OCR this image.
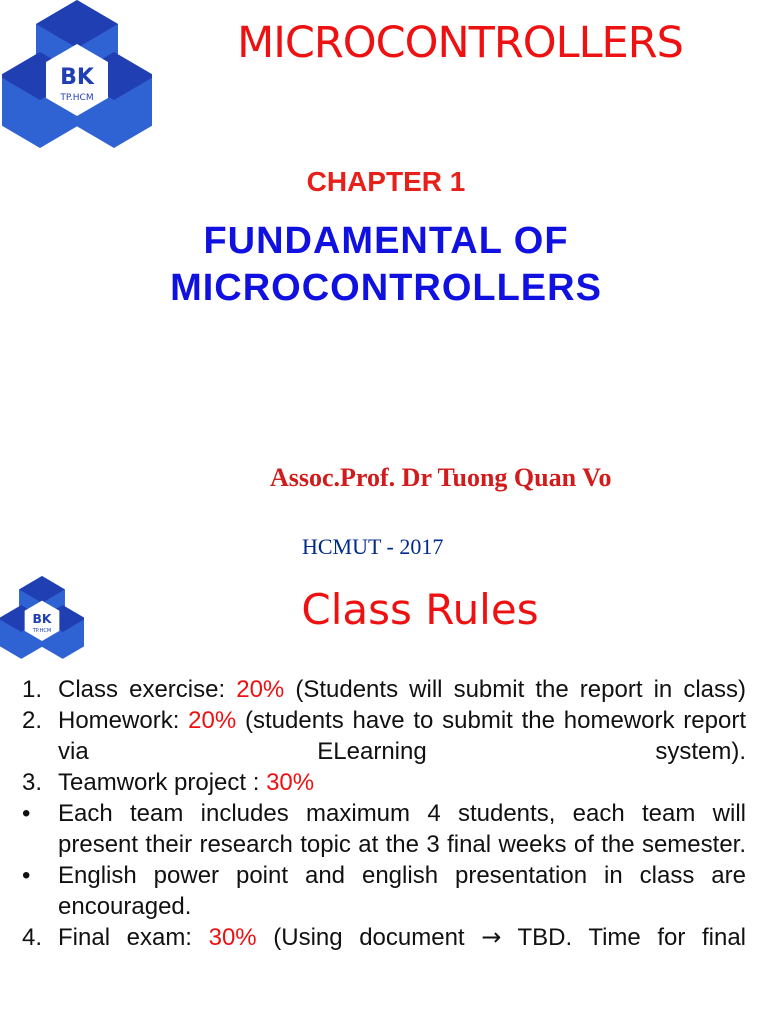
BK
TP.HCM
MICROCONTROLLERS
CHAPTER 1
FUNDAMENTAL OF
MICROCONTROLLERS
Assoc.Prof. Dr Tuong Quan Vo
HCMUT - 2017
BK
TP.HCM	Class Rules
1. Class exercise: 20% (Students will submit the report in class)
2. Homework: 20% (students have to submit the homework report via ELearning system).
3. Teamwork project : 30%
• Each team includes maximum 4 students, each team will present their research topic at the 3 final weeks of the semester.
• English power point and english presentation in class are encouraged.
4. Final exam: 30% (Using document → TBD. Time for final
